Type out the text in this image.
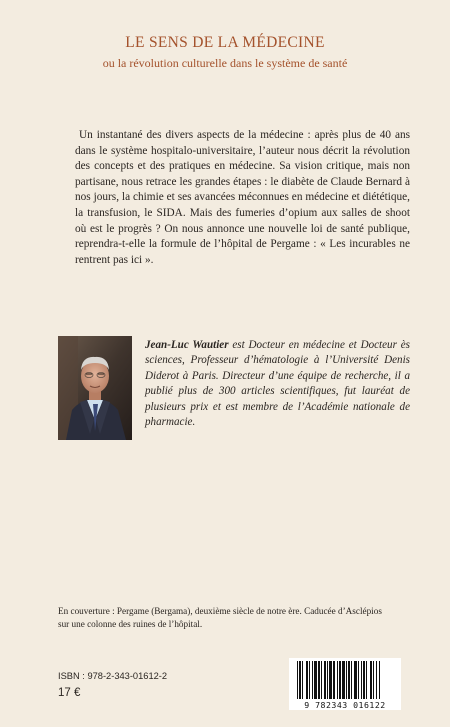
LE SENS DE LA MÉDECINE
ou la révolution culturelle dans le système de santé

Un instantané des divers aspects de la médecine : après plus de 40 ans dans le système hospitalo-universitaire, l’auteur nous décrit la révolution des concepts et des pratiques en médecine. Sa vision critique, mais non partisane, nous retrace les grandes étapes : le diabète de Claude Bernard à nos jours, la chimie et ses avancées méconnues en médecine et diététique, la transfusion, le SIDA. Mais des fumeries d’opium aux salles de shoot où est le progrès ? On nous annonce une nouvelle loi de santé publique, reprendra-t-elle la formule de l’hôpital de Pergame : « Les incurables ne rentrent pas ici ».

Jean-Luc Wautier est Docteur en médecine et Docteur ès sciences, Professeur d’hématologie à l’Université Denis Diderot à Paris. Directeur d’une équipe de recherche, il a publié plus de 300 articles scientifiques, fut lauréat de plusieurs prix et est membre de l’Académie nationale de pharmacie.

En couverture : Pergame (Bergama), deuxième siècle de notre ère. Caducée d’Asclépios sur une colonne des ruines de l’hôpital.

ISBN : 978-2-343-01612-2
17 €
9 782343 016122
